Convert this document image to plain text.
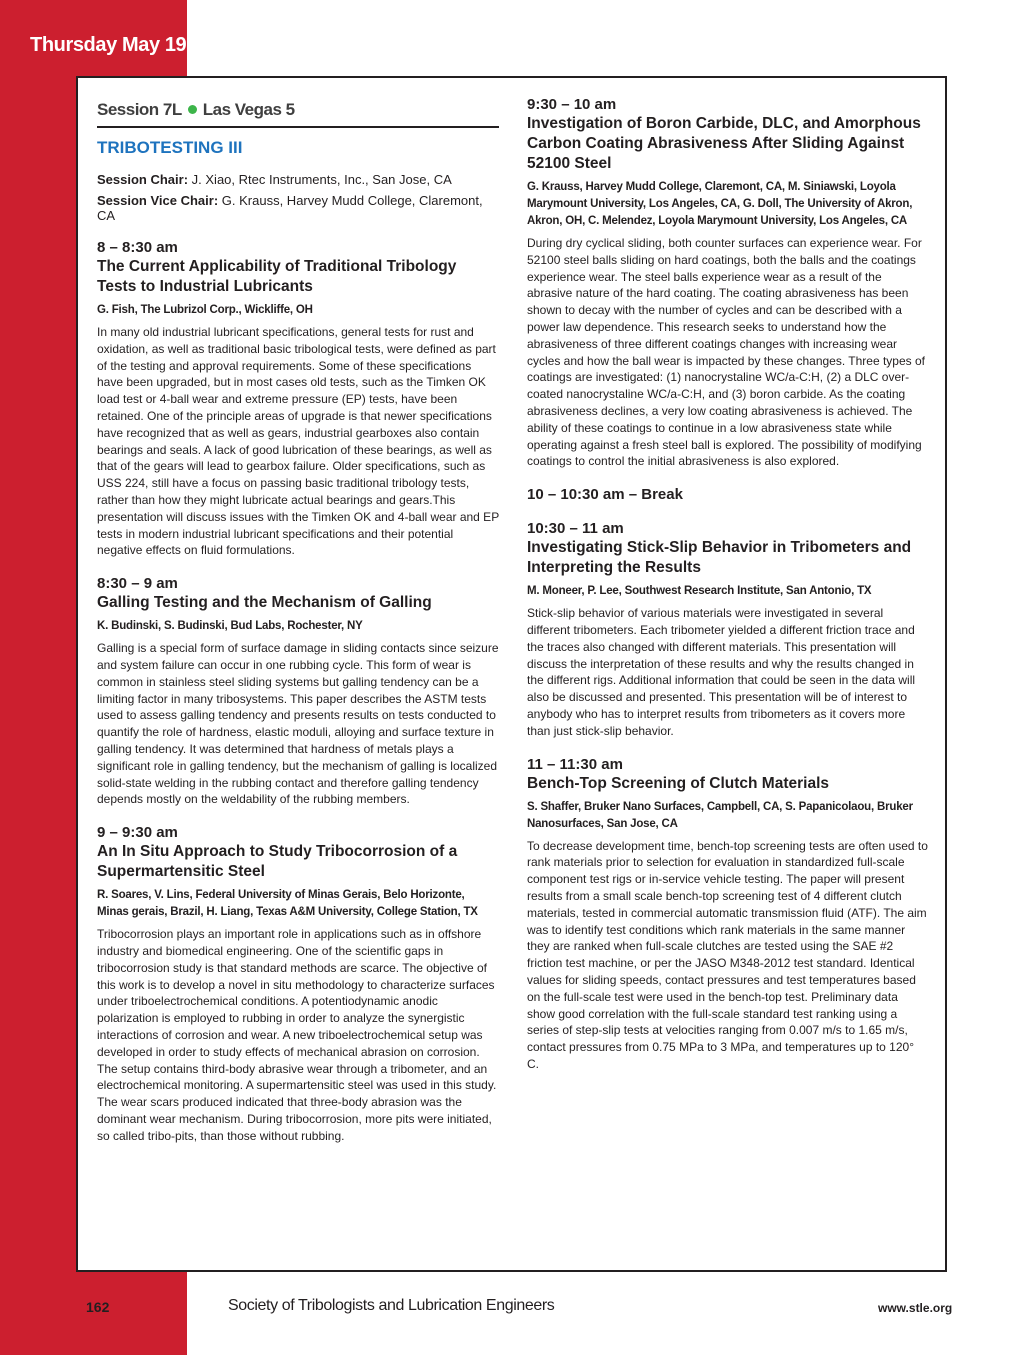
Thursday May 19
Session 7L Las Vegas 5
TRIBOTESTING III
Session Chair: J. Xiao, Rtec Instruments, Inc., San Jose, CA
Session Vice Chair: G. Krauss, Harvey Mudd College, Claremont, CA
8 – 8:30 am
The Current Applicability of Traditional Tribology Tests to Industrial Lubricants
G. Fish, The Lubrizol Corp., Wickliffe, OH

In many old industrial lubricant specifications, general tests for rust and oxidation, as well as traditional basic tribological tests, were defined as part of the testing and approval requirements. Some of these specifications have been upgraded, but in most cases old tests, such as the Timken OK load test or 4-ball wear and extreme pressure (EP) tests, have been retained. One of the principle areas of upgrade is that newer specifications have recognized that as well as gears, industrial gearboxes also contain bearings and seals. A lack of good lubrication of these bearings, as well as that of the gears will lead to gearbox failure. Older specifications, such as USS 224, still have a focus on passing basic traditional tribology tests, rather than how they might lubricate actual bearings and gears.This presentation will discuss issues with the Timken OK and 4-ball wear and EP tests in modern industrial lubricant specifications and their potential negative effects on fluid formulations.

8:30 – 9 am
Galling Testing and the Mechanism of Galling
K. Budinski, S. Budinski, Bud Labs, Rochester, NY

Galling is a special form of surface damage in sliding contacts since seizure and system failure can occur in one rubbing cycle. This form of wear is common in stainless steel sliding systems but galling tendency can be a limiting factor in many tribosystems. This paper describes the ASTM tests used to assess galling tendency and presents results on tests conducted to quantify the role of hardness, elastic moduli, alloying and surface texture in galling tendency. It was determined that hardness of metals plays a significant role in galling tendency, but the mechanism of galling is localized solid-state welding in the rubbing contact and therefore galling tendency depends mostly on the weldability of the rubbing members.

9 – 9:30 am
An In Situ Approach to Study Tribocorrosion of a Supermartensitic Steel
R. Soares, V. Lins, Federal University of Minas Gerais, Belo Horizonte, Minas gerais, Brazil, H. Liang, Texas A&M University, College Station, TX

Tribocorrosion plays an important role in applications such as in offshore industry and biomedical engineering. One of the scientific gaps in tribocorrosion study is that standard methods are scarce. The objective of this work is to develop a novel in situ methodology to characterize surfaces under triboelectrochemical conditions. A potentiodynamic anodic polarization is employed to rubbing in order to analyze the synergistic interactions of corrosion and wear. A new triboelectrochemical setup was developed in order to study effects of mechanical abrasion on corrosion. The setup contains third-body abrasive wear through a tribometer, and an electrochemical monitoring. A supermartensitic steel was used in this study. The wear scars produced indicated that three-body abrasion was the dominant wear mechanism. During tribocorrosion, more pits were initiated, so called tribo-pits, than those without rubbing.

9:30 – 10 am
Investigation of Boron Carbide, DLC, and Amorphous Carbon Coating Abrasiveness After Sliding Against 52100 Steel
G. Krauss, Harvey Mudd College, Claremont, CA, M. Siniawski, Loyola Marymount University, Los Angeles, CA, G. Doll, The University of Akron, Akron, OH, C. Melendez, Loyola Marymount University, Los Angeles, CA

During dry cyclical sliding, both counter surfaces can experience wear. For 52100 steel balls sliding on hard coatings, both the balls and the coatings experience wear. The steel balls experience wear as a result of the abrasive nature of the hard coating. The coating abrasiveness has been shown to decay with the number of cycles and can be described with a power law dependence. This research seeks to understand how the abrasiveness of three different coatings changes with increasing wear cycles and how the ball wear is impacted by these changes. Three types of coatings are investigated: (1) nanocrystaline WC/a-C:H, (2) a DLC over-coated nanocrystaline WC/a-C:H, and (3) boron carbide. As the coating abrasiveness declines, a very low coating abrasiveness is achieved. The ability of these coatings to continue in a low abrasiveness state while operating against a fresh steel ball is explored. The possibility of modifying coatings to control the initial abrasiveness is also explored.

10 – 10:30 am – Break
10:30 – 11 am
Investigating Stick-Slip Behavior in Tribometers and Interpreting the Results
M. Moneer, P. Lee, Southwest Research Institute, San Antonio, TX

Stick-slip behavior of various materials were investigated in several different tribometers. Each tribometer yielded a different friction trace and the traces also changed with different materials. This presentation will discuss the interpretation of these results and why the results changed in the different rigs. Additional information that could be seen in the data will also be discussed and presented. This presentation will be of interest to anybody who has to interpret results from tribometers as it covers more than just stick-slip behavior.

11 – 11:30 am
Bench-Top Screening of Clutch Materials
S. Shaffer, Bruker Nano Surfaces, Campbell, CA, S. Papanicolaou, Bruker Nanosurfaces, San Jose, CA

To decrease development time, bench-top screening tests are often used to rank materials prior to selection for evaluation in standardized full-scale component test rigs or in-service vehicle testing. The paper will present results from a small scale bench-top screening test of 4 different clutch materials, tested in commercial automatic transmission fluid (ATF). The aim was to identify test conditions which rank materials in the same manner they are ranked when full-scale clutches are tested using the SAE #2 friction test machine, or per the JASO M348-2012 test standard. Identical values for sliding speeds, contact pressures and test temperatures based on the full-scale test were used in the bench-top test. Preliminary data show good correlation with the full-scale standard test ranking using a series of step-slip tests at velocities ranging from 0.007 m/s to 1.65 m/s, contact pressures from 0.75 MPa to 3 MPa, and temperatures up to 120° C.

162	Society of Tribologists and Lubrication Engineers	www.stle.org
